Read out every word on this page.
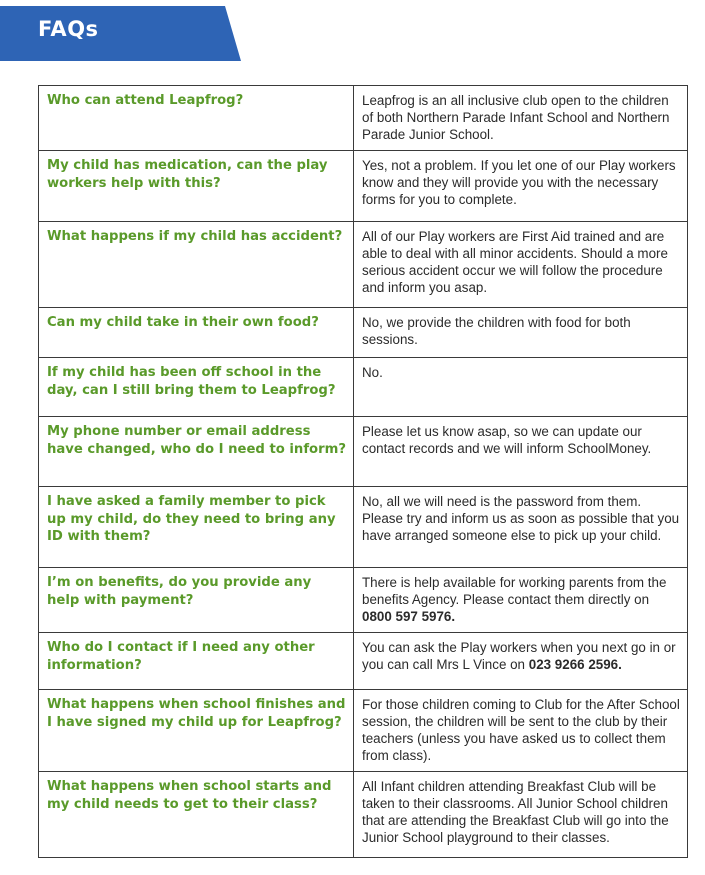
FAQs
Who can attend Leapfrog?	Leapfrog is an all inclusive club open to the children of both Northern Parade Infant School and Northern Parade Junior School.
My child has medication, can the play workers help with this?	Yes, not a problem. If you let one of our Play workers know and they will provide you with the necessary forms for you to complete.
What happens if my child has accident?	All of our Play workers are First Aid trained and are able to deal with all minor accidents. Should a more serious accident occur we will follow the procedure and inform you asap.
Can my child take in their own food?	No, we provide the children with food for both sessions.
If my child has been off school in the day, can I still bring them to Leapfrog?	No.
My phone number or email address have changed, who do I need to inform?	Please let us know asap, so we can update our contact records and we will inform SchoolMoney.
I have asked a family member to pick up my child, do they need to bring any ID with them?	No, all we will need is the password from them. Please try and inform us as soon as possible that you have arranged someone else to pick up your child.
I’m on benefits, do you provide any help with payment?	There is help available for working parents from the benefits Agency. Please contact them directly on 0800 597 5976.
Who do I contact if I need any other information?	You can ask the Play workers when you next go in or you can call Mrs L Vince on 023 9266 2596.
What happens when school finishes and I have signed my child up for Leapfrog?	For those children coming to Club for the After School session, the children will be sent to the club by their teachers (unless you have asked us to collect them from class).
What happens when school starts and my child needs to get to their class?	All Infant children attending Breakfast Club will be taken to their classrooms. All Junior School children that are attending the Breakfast Club will go into the Junior School playground to their classes.
